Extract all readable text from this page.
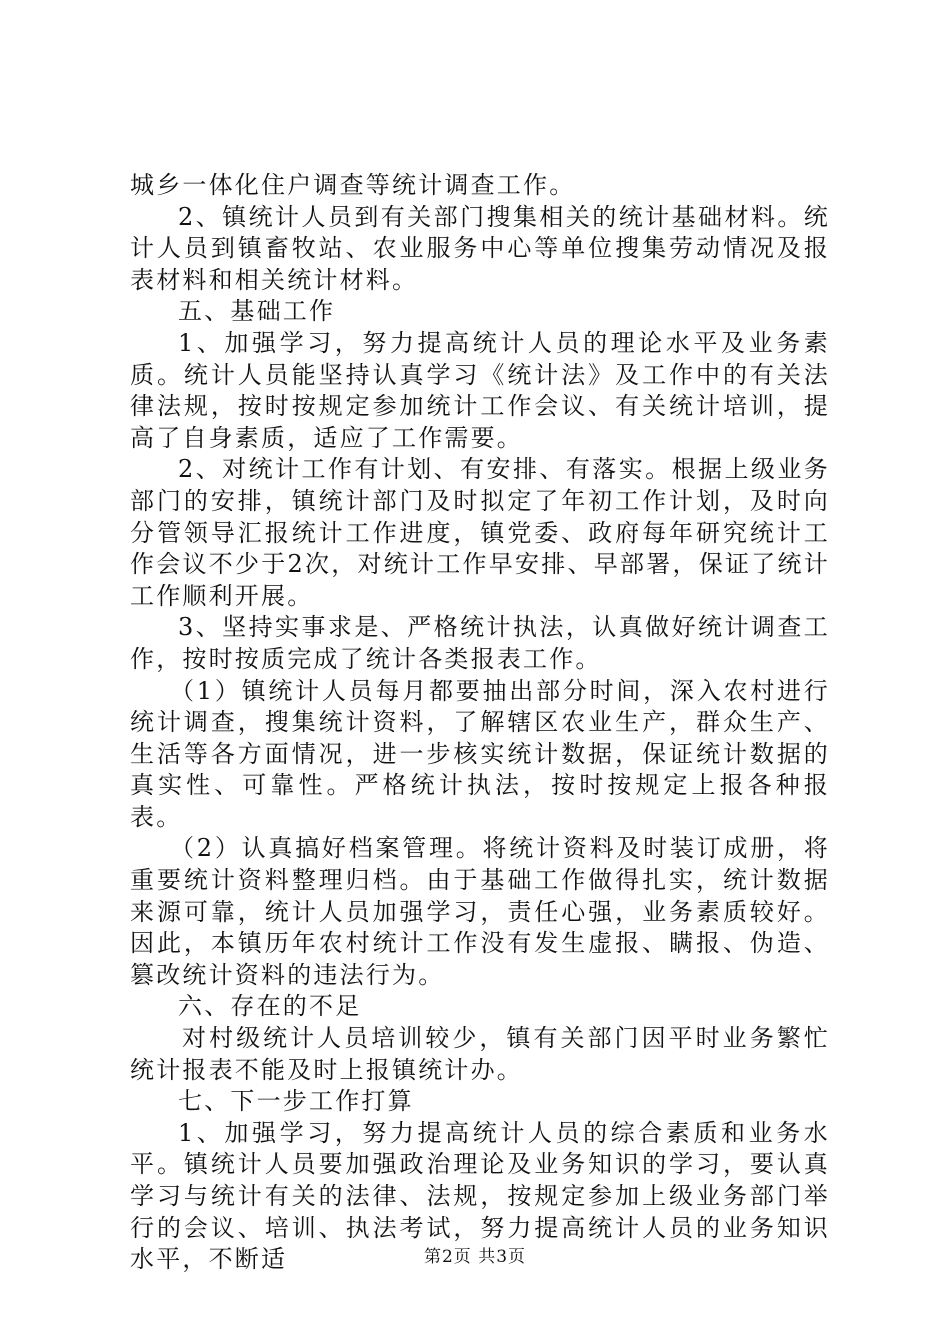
城乡一体化住户调查等统计调查工作。

2、镇统计人员到有关部门搜集相关的统计基础材料。统计人员到镇畜牧站、农业服务中心等单位搜集劳动情况及报表材料和相关统计材料。

五、基础工作

1、加强学习，努力提高统计人员的理论水平及业务素质。统计人员能坚持认真学习《统计法》及工作中的有关法律法规，按时按规定参加统计工作会议、有关统计培训，提高了自身素质，适应了工作需要。

2、对统计工作有计划、有安排、有落实。根据上级业务部门的安排，镇统计部门及时拟定了年初工作计划，及时向分管领导汇报统计工作进度，镇党委、政府每年研究统计工作会议不少于2次，对统计工作早安排、早部署，保证了统计工作顺利开展。

3、坚持实事求是、严格统计执法，认真做好统计调查工作，按时按质完成了统计各类报表工作。

（1）镇统计人员每月都要抽出部分时间，深入农村进行统计调查，搜集统计资料，了解辖区农业生产，群众生产、生活等各方面情况，进一步核实统计数据，保证统计数据的真实性、可靠性。严格统计执法，按时按规定上报各种报表。

（2）认真搞好档案管理。将统计资料及时装订成册，将重要统计资料整理归档。由于基础工作做得扎实，统计数据来源可靠，统计人员加强学习，责任心强，业务素质较好。因此，本镇历年农村统计工作没有发生虚报、瞒报、伪造、篡改统计资料的违法行为。

六、存在的不足

对村级统计人员培训较少，镇有关部门因平时业务繁忙统计报表不能及时上报镇统计办。

七、下一步工作打算

1、加强学习，努力提高统计人员的综合素质和业务水平。镇统计人员要加强政治理论及业务知识的学习，要认真学习与统计有关的法律、法规，按规定参加上级业务部门举行的会议、培训、执法考试，努力提高统计人员的业务知识水平，不断适	第2页 共3页
